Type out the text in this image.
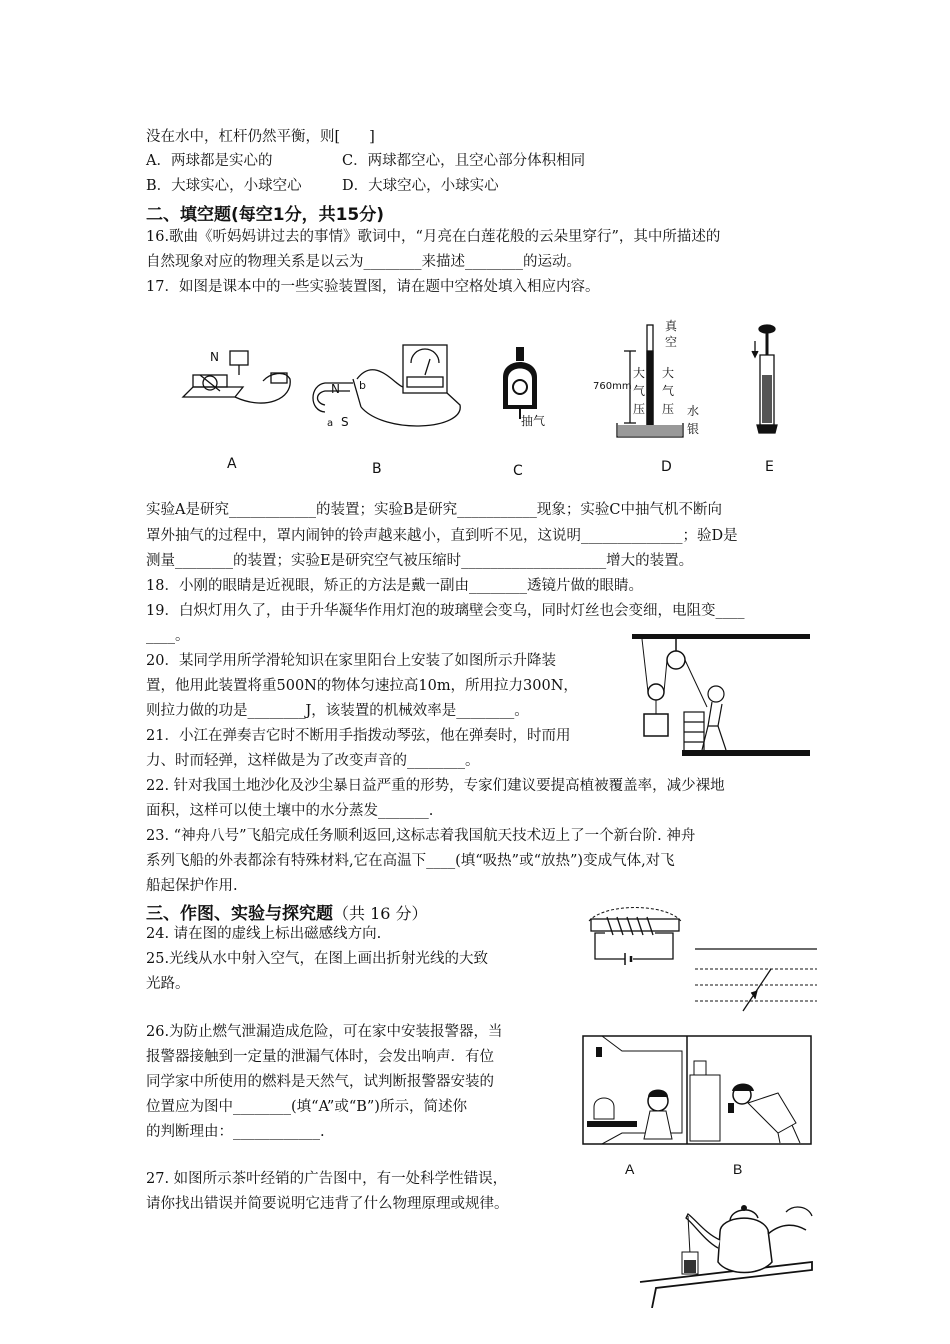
没在水中，杠杆仍然平衡，则[　　]
A．两球都是实心的	C．两球都空心，且空心部分体积相同
B．大球实心，小球空心	D．大球空心，小球实心
二、填空题(每空1分，共15分)
16.歌曲《听妈妈讲过去的事情》歌词中，“月亮在白莲花般的云朵里穿行”，其中所描述的
自然现象对应的物理关系是以云为________来描述________的运动。
17．如图是课本中的一些实验装置图，请在题中空格处填入相应内容。
N
N b
S
a	抽气
真
空
760mm
大
气
压
大
气
压 水
银
A	B	C	D	E
实验A是研究____________的装置；实验B是研究___________现象；实验C中抽气机不断向
罩外抽气的过程中，罩内闹钟的铃声越来越小，直到听不见，这说明______________；验D是
测量________的装置；实验E是研究空气被压缩时____________________增大的装置。
18．小刚的眼睛是近视眼，矫正的方法是戴一副由________透镜片做的眼睛。
19．白炽灯用久了，由于升华凝华作用灯泡的玻璃壁会变乌，同时灯丝也会变细，电阻变____
____。
20．某同学用所学滑轮知识在家里阳台上安装了如图所示升降装
置，他用此装置将重500N的物体匀速拉高10m，所用拉力300N，
则拉力做的功是________J，该装置的机械效率是________。
21．小江在弹奏吉它时不断用手指拨动琴弦，他在弹奏时，时而用
力、时而轻弹，这样做是为了改变声音的________。
22. 针对我国土地沙化及沙尘暴日益严重的形势，专家们建议要提高植被覆盖率，减少裸地
面积，这样可以使土壤中的水分蒸发_______.
23. “神舟八号”飞船完成任务顺利返回,这标志着我国航天技术迈上了一个新台阶. 神舟
系列飞船的外表都涂有特殊材料,它在高温下____(填“吸热”或“放热”)变成气体,对飞
船起保护作用.
三、作图、实验与探究题（共 16 分）
24. 请在图的虚线上标出磁感线方向.
25.光线从水中射入空气，在图上画出折射光线的大致
光路。
26.为防止燃气泄漏造成危险，可在家中安装报警器，当
报警器接触到一定量的泄漏气体时，会发出响声．有位
同学家中所使用的燃料是天然气，试判断报警器安装的
位置应为图中________(填“A”或“B”)所示，简述你
的判断理由：____________.
A	B
27. 如图所示茶叶经销的广告图中，有一处科学性错误，
请你找出错误并简要说明它违背了什么物理原理或规律。
